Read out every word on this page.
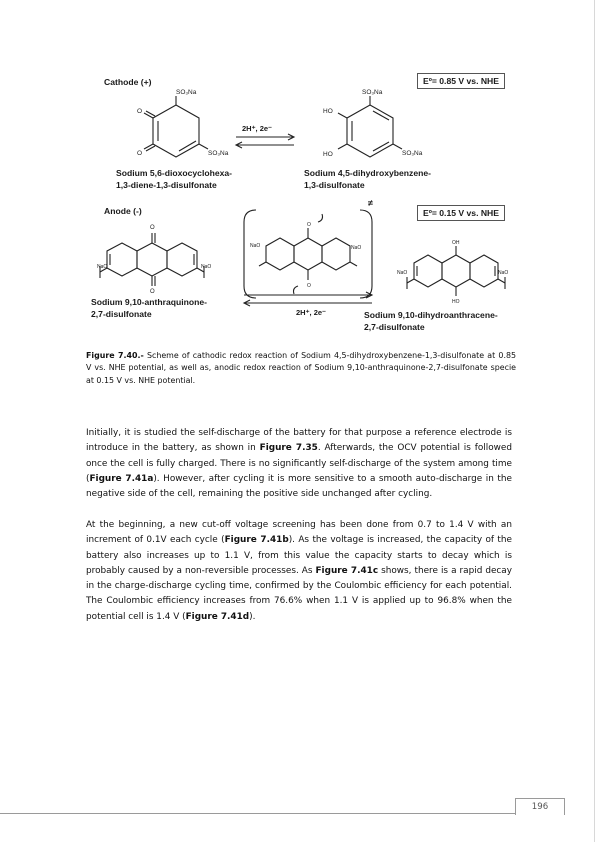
SO₃Na
O
O	SO₃Na
SO₃Na
HO
HO	SO₃Na
O
O
NaO	NaO
NaO	NaO
O
O
OH
HO
NaO	NaO
Cathode (+)	Eº= 0.85 V vs. NHE
2H⁺, 2e⁻
Sodium 5,6-dioxocyclohexa-
1,3-diene-1,3-disulfonate
Sodium 4,5-dihydroxybenzene-
1,3-disulfonate
Anode (-)
≠
Eº= 0.15 V vs. NHE
Sodium 9,10-anthraquinone-
2,7-disulfonate	2H⁺, 2e⁻	Sodium 9,10-dihydroanthracene-
2,7-disulfonate
Figure 7.40.- Scheme of cathodic redox reaction of Sodium 4,5-dihydroxybenzene-1,3-disulfonate at 0.85 V vs. NHE potential, as well as, anodic redox reaction of Sodium 9,10-anthraquinone-2,7-disulfonate specie at 0.15 V vs. NHE potential.

Initially, it is studied the self-discharge of the battery for that purpose a reference electrode is introduce in the battery, as shown in Figure 7.35. Afterwards, the OCV potential is followed once the cell is fully charged. There is no significantly self-discharge of the system among time (Figure 7.41a). However, after cycling it is more sensitive to a smooth auto-discharge in the negative side of the cell, remaining the positive side unchanged after cycling.

At the beginning, a new cut-off voltage screening has been done from 0.7 to 1.4 V with an increment of 0.1V each cycle (Figure 7.41b). As the voltage is increased, the capacity of the battery also increases up to 1.1 V, from this value the capacity starts to decay which is probably caused by a non-reversible processes. As Figure 7.41c shows, there is a rapid decay in the charge-discharge cycling time, confirmed by the Coulombic efficiency for each potential. The Coulombic efficiency increases from 76.6% when 1.1 V is applied up to 96.8% when the potential cell is 1.4 V (Figure 7.41d).

196
